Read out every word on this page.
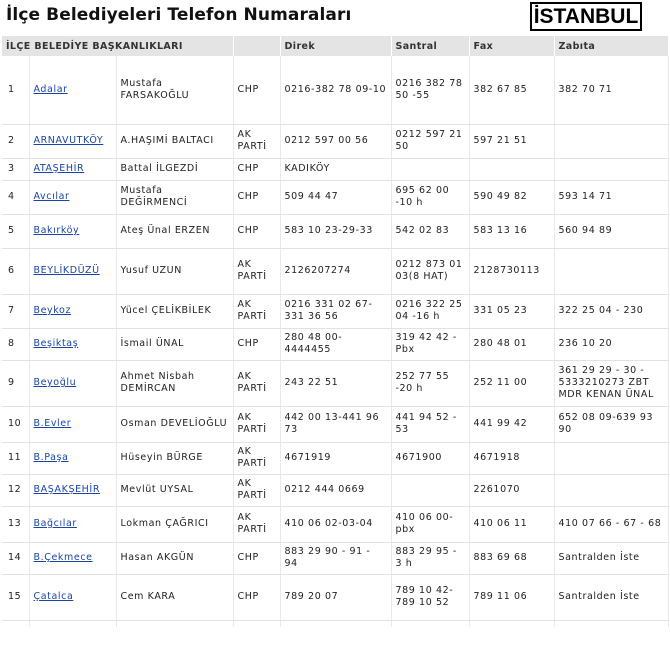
İlçe Belediyeleri Telefon Numaraları	İSTANBUL
İLÇE BELEDİYE BAŞKANLIKLARI				Direk	Santral	Fax	Zabıta
1	Adalar	Mustafa FARSAKOĞLU	CHP	0216-382 78 09-10	0216 382 78 50 -55	382 67 85	382 70 71
2	ARNAVUTKÖY	A.HAŞIMİ BALTACI	AK PARTİ	0212 597 00 56	0212 597 21 50	597 21 51	
3	ATAŞEHİR	Battal İLGEZDİ	CHP	KADIKÖY			
4	Avcılar	Mustafa DEĞİRMENCİ	CHP	509 44 47	695 62 00 -10 h	590 49 82	593 14 71
5	Bakırköy	Ateş Ünal ERZEN	CHP	583 10 23-29-33	542 02 83	583 13 16	560 94 89
6	BEYLİKDÜZÜ	Yusuf UZUN	AK PARTİ	2126207274	0212 873 01 03(8 HAT)	2128730113	
7	Beykoz	Yücel ÇELİKBİLEK	AK PARTİ	0216 331 02 67-331 36 56	0216 322 25 04 -16 h	331 05 23	322 25 04 - 230
8	Beşiktaş	İsmail ÜNAL	CHP	280 48 00-4444455	319 42 42 - Pbx	280 48 01	236 10 20
9	Beyoğlu	Ahmet Nisbah DEMİRCAN	AK PARTİ	243 22 51	252 77 55 -20 h	252 11 00	361 29 29 - 30 - 5333210273 ZBT MDR KENAN ÜNAL
10	B.Evler	Osman DEVELİOĞLU	AK PARTİ	442 00 13-441 96 73	441 94 52 - 53	441 99 42	652 08 09-639 93 90
11	B.Paşa	Hüseyin BÜRGE	AK PARTİ	4671919	4671900	4671918	
12	BAŞAKŞEHİR	Mevlüt UYSAL	AK PARTİ	0212 444 0669		2261070	
13	Bağcılar	Lokman ÇAĞRICI	AK PARTİ	410 06 02-03-04	410 06 00-pbx	410 06 11	410 07 66 - 67 - 68
14	B.Çekmece	Hasan AKGÜN	CHP	883 29 90 - 91 - 94	883 29 95 - 3 h	883 69 68	Santralden İste
15	Çatalca	Cem KARA	CHP	789 20 07	789 10 42-789 10 52	789 11 06	Santralden İste
